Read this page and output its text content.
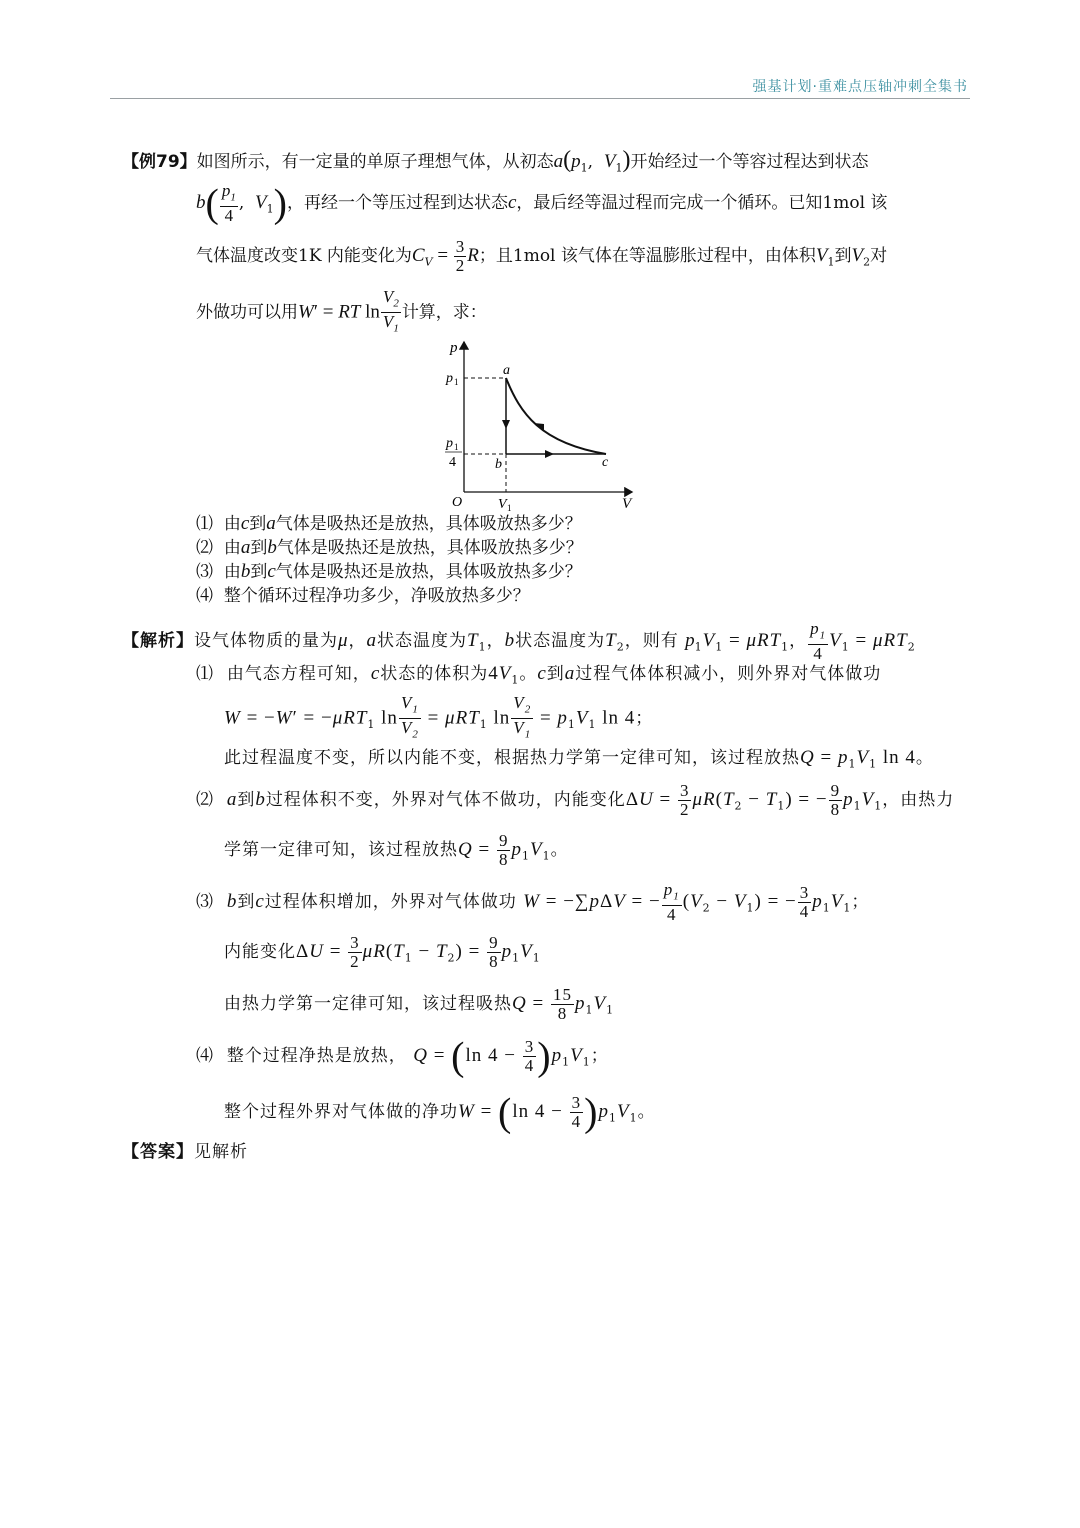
强基计划·重难点压轴冲刺全集书
【例79】如图所示，有一定量的单原子理想气体，从初态$a(p_1$,  $V_1$)开始经过一个等容过程达到状态
$b( \frac{p_1}{4}$ ,  $V_1$)，再经一个等压过程到达状态c，最后经等温过程而完成一个循环。已知1mol 该
气体温度改变1K 内能变化为$C_V = \frac{3}{2}$ R；且1mol 该气体在等温膨胀过程中，由体积$V_1$到$V_2$对
外做功可以用W′ = RT $\ln \frac{V_2}{V_1}$ 计算，求：
p
V
O
p 1
p 1
4
V 1
a
b	c
⑴ 由c到a气体是吸热还是放热，具体吸放热多少？
⑵ 由a到b气体是吸热还是放热，具体吸放热多少？
⑶ 由b到c气体是吸热还是放热，具体吸放热多少？
⑷ 整个循环过程净功多少，净吸放热多少？
【解析】设气体物质的量为μ，a状态温度为$T_1$，b状态温度为$T_2$，则有 $p_1V_1 = \mu RT_1$， $\frac{p_1}{4} V_1 = \mu RT_2$
⑴ 由气态方程可知，c状态的体积为$4V_1$。c到a过程气体体积减小，则外界对气体做功
W = −W′ = −μRT$_1$ $\ln \frac{V_1}{V_2} = \mu RT_1$ $\ln \frac{V_2}{V_1} = p_1V_1$ ln 4；
此过程温度不变，所以内能不变，根据热力学第一定律可知，该过程放热$Q = p_1V_1$ ln 4。
⑵ a到b过程体积不变，外界对气体不做功，内能变化$\Delta U = \frac{3}{2} \mu R(T_2 - T_1)$ = − $\frac{9}{8} p_1V_1$，由热力
学第一定律可知，该过程放热$Q = \frac{9}{8} p_1V_1$。
⑶ b到c过程体积增加，外界对气体做功 W = −∑pΔV = − $\frac{p_1}{4} (V_2 - V_1)$ = − $\frac{3}{4} p_1V_1$；
内能变化$\Delta U = \frac{3}{2} \mu R(T_1 - T_2) = \frac{9}{8} p_1V_1$
由热力学第一定律可知，该过程吸热$Q = \frac{15}{8} p_1V_1$
⑷ 整个过程净热是放热， Q = (ln $4 - \frac{3}{4} )p_1V_1$；
整个过程外界对气体做的净功W = (ln $4 - \frac{3}{4} )p_1V_1$。
【答案】见解析
